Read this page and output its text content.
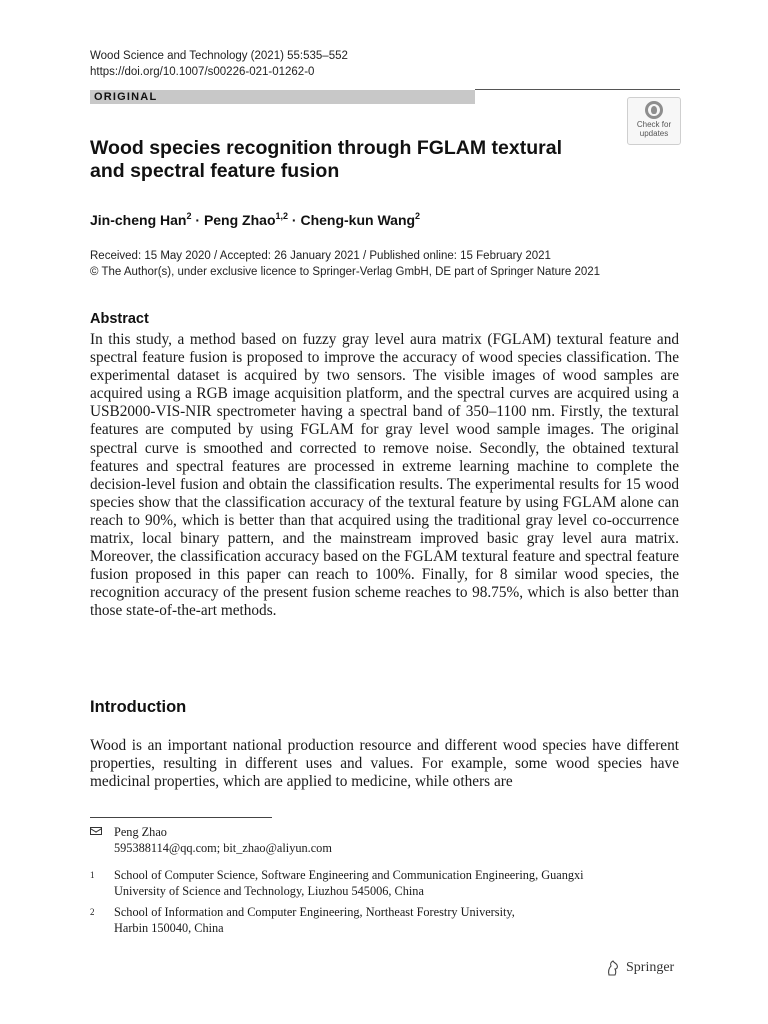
Wood Science and Technology (2021) 55:535–552
https://doi.org/10.1007/s00226-021-01262-0
ORIGINAL
Check for
updates
Wood species recognition through FGLAM textural
and spectral feature fusion
Jin-cheng Han$^2$ · Peng Zhao$^{1,2}$ · Cheng-kun Wang$^2$
Received: 15 May 2020 / Accepted: 26 January 2021 / Published online: 15 February 2021
© The Author(s), under exclusive licence to Springer-Verlag GmbH, DE part of Springer Nature 2021
Abstract
In this study, a method based on fuzzy gray level aura matrix (FGLAM) textural feature and spectral feature fusion is proposed to improve the accuracy of wood species classification. The experimental dataset is acquired by two sensors. The visible images of wood samples are acquired using a RGB image acquisition platform, and the spectral curves are acquired using a USB2000-VIS-NIR spectrometer having a spectral band of 350–1100 nm. Firstly, the textural features are computed by using FGLAM for gray level wood sample images. The original spectral curve is smoothed and corrected to remove noise. Secondly, the obtained textural features and spectral features are processed in extreme learning machine to complete the decision-level fusion and obtain the classification results. The experimental results for 15 wood species show that the classification accuracy of the textural feature by using FGLAM alone can reach to 90%, which is better than that acquired using the traditional gray level co-occurrence matrix, local binary pattern, and the mainstream improved basic gray level aura matrix. Moreover, the classification accuracy based on the FGLAM textural feature and spectral feature fusion proposed in this paper can reach to 100%. Finally, for 8 similar wood species, the recognition accuracy of the present fusion scheme reaches to 98.75%, which is also better than those state-of-the-art methods.
Introduction
Wood is an important national production resource and different wood species have different properties, resulting in different uses and values. For example, some wood species have medicinal properties, which are applied to medicine, while others are
Peng Zhao
595388114@qq.com; bit_zhao@aliyun.com
1 School of Computer Science, Software Engineering and Communication Engineering, Guangxi
University of Science and Technology, Liuzhou 545006, China
2 School of Information and Computer Engineering, Northeast Forestry University,
Harbin 150040, China
Springer
